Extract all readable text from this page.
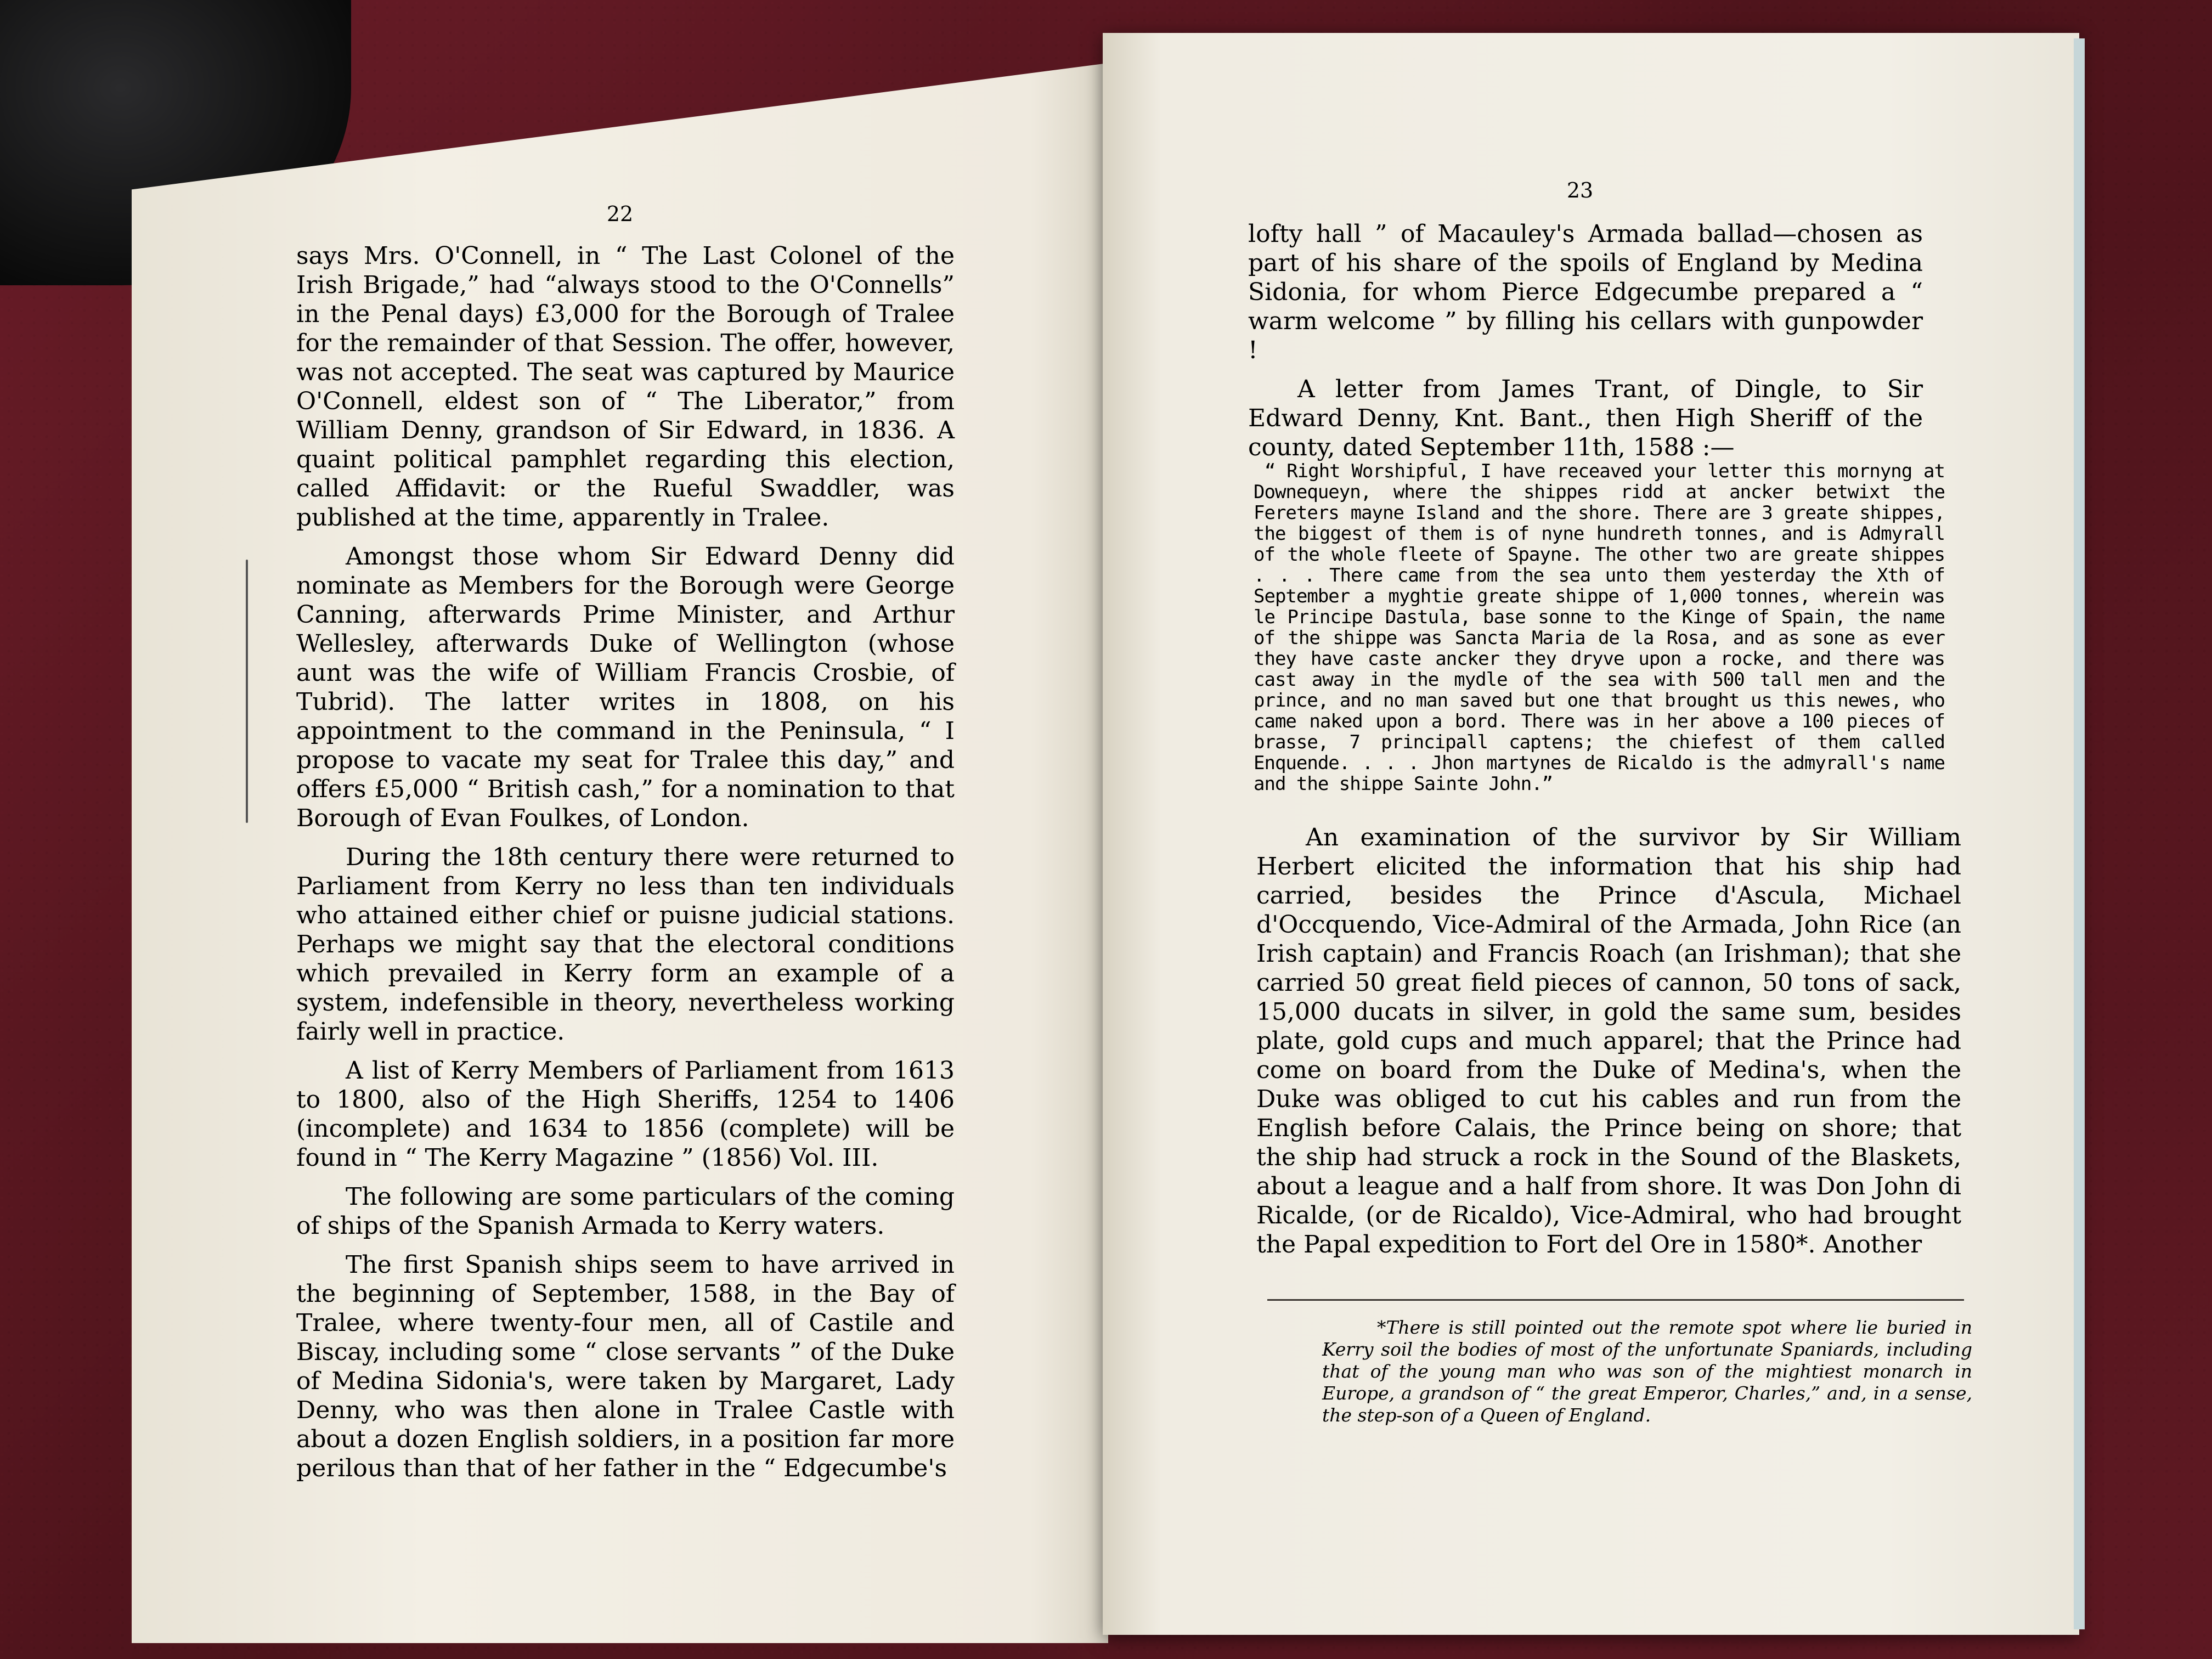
22

says Mrs. O'Connell, in “ The Last Colonel of the Irish Brigade,” had “always stood to the O'Connells” in the Penal days) £3,000 for the Borough of Tralee for the remainder of that Session. The offer, however, was not accepted. The seat was captured by Maurice O'Connell, eldest son of “ The Liberator,” from William Denny, grandson of Sir Edward, in 1836. A quaint political pamphlet regarding this election, called Affidavit: or the Rueful Swaddler, was published at the time, apparently in Tralee.

Amongst those whom Sir Edward Denny did nominate as Members for the Borough were George Canning, afterwards Prime Minister, and Arthur Wellesley, afterwards Duke of Wellington (whose aunt was the wife of William Francis Crosbie, of Tubrid). The latter writes in 1808, on his appointment to the command in the Peninsula, “ I propose to vacate my seat for Tralee this day,” and offers £5,000 “ British cash,” for a nomination to that Borough of Evan Foulkes, of London.

During the 18th century there were returned to Parliament from Kerry no less than ten individuals who attained either chief or puisne judicial stations. Perhaps we might say that the electoral conditions which prevailed in Kerry form an example of a system, indefensible in theory, nevertheless working fairly well in practice.

A list of Kerry Members of Parliament from 1613 to 1800, also of the High Sheriffs, 1254 to 1406 (incomplete) and 1634 to 1856 (complete) will be found in “ The Kerry Magazine ” (1856) Vol. III.

The following are some particulars of the coming of ships of the Spanish Armada to Kerry waters.

The first Spanish ships seem to have arrived in the beginning of September, 1588, in the Bay of Tralee, where twenty-four men, all of Castile and Biscay, including some “ close servants ” of the Duke of Medina Sidonia's, were taken by Margaret, Lady Denny, who was then alone in Tralee Castle with about a dozen English soldiers, in a position far more perilous than that of her father in the “ Edgecumbe's

23

lofty hall ” of Macauley's Armada ballad—chosen as part of his share of the spoils of England by Medina Sidonia, for whom Pierce Edgecumbe prepared a “ warm welcome ” by filling his cellars with gunpowder !

A letter from James Trant, of Dingle, to Sir Edward Denny, Knt. Bant., then High Sheriff of the county, dated September 11th, 1588 :—

“ Right Worshipful, I have receaved your letter this mornyng at Downequeyn, where the shippes ridd at ancker betwixt the Fereters mayne Island and the shore. There are 3 greate shippes, the biggest of them is of nyne hundreth tonnes, and is Admyrall of the whole fleete of Spayne. The other two are greate shippes . . . There came from the sea unto them yesterday the Xth of September a myghtie greate shippe of 1,000 tonnes, wherein was le Principe Dastula, base sonne to the Kinge of Spain, the name of the shippe was Sancta Maria de la Rosa, and as sone as ever they have caste ancker they dryve upon a rocke, and there was cast away in the mydle of the sea with 500 tall men and the prince, and no man saved but one that brought us this newes, who came naked upon a bord. There was in her above a 100 pieces of brasse, 7 principall captens; the chiefest of them called Enquende. . . . Jhon martynes de Ricaldo is the admyrall's name and the shippe Sainte John.”

An examination of the survivor by Sir William Herbert elicited the information that his ship had carried, besides the Prince d'Ascula, Michael d'Occquendo, Vice-Admiral of the Armada, John Rice (an Irish captain) and Francis Roach (an Irishman); that she carried 50 great field pieces of cannon, 50 tons of sack, 15,000 ducats in silver, in gold the same sum, besides plate, gold cups and much apparel; that the Prince had come on board from the Duke of Medina's, when the Duke was obliged to cut his cables and run from the English before Calais, the Prince being on shore; that the ship had struck a rock in the Sound of the Blaskets, about a league and a half from shore. It was Don John di Ricalde, (or de Ricaldo), Vice-Admiral, who had brought the Papal expedition to Fort del Ore in 1580*. Another

*There is still pointed out the remote spot where lie buried in Kerry soil the bodies of most of the unfortunate Spaniards, including that of the young man who was son of the mightiest monarch in Europe, a grandson of “ the great Emperor, Charles,” and, in a sense, the step-son of a Queen of England.
